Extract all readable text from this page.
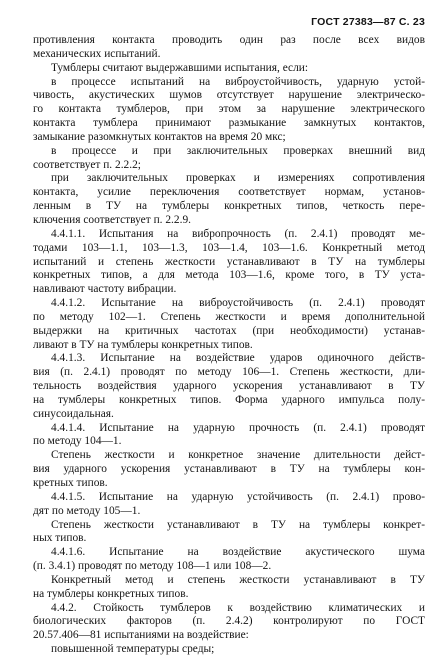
ГОСТ 27383—87 С. 23
противления контакта проводить один раз после всех видов
механических испытаний.
Тумблеры считают выдержавшими испытания, если:
в процессе испытаний на виброустойчивость, ударную устой-
чивость, акустических шумов отсутствует нарушение электрическо-
го контакта тумблеров, при этом за нарушение электрического
контакта тумблера принимают размыкание замкнутых контактов,
замыкание разомкнутых контактов на время 20 мкс;
в процессе и при заключительных проверках внешний вид
соответствует п. 2.2.2;
при заключительных проверках и измерениях сопротивления
контакта, усилие переключения соответствует нормам, установ-
ленным в ТУ на тумблеры конкретных типов, четкость пере-
ключения соответствует п. 2.2.9.
4.4.1.1. Испытания на вибропрочность (п. 2.4.1) проводят ме-
тодами 103—1.1, 103—1.3, 103—1.4, 103—1.6. Конкретный метод
испытаний и степень жесткости устанавливают в ТУ на тумблеры
конкретных типов, а для метода 103—1.6, кроме того, в ТУ уста-
навливают частоту вибрации.
4.4.1.2. Испытание на виброустойчивость (п. 2.4.1) проводят
по методу 102—1. Степень жесткости и время дополнительной
выдержки на критичных частотах (при необходимости) устанав-
ливают в ТУ на тумблеры конкретных типов.
4.4.1.3. Испытание на воздействие ударов одиночного действ-
вия (п. 2.4.1) проводят по методу 106—1. Степень жесткости, дли-
тельность воздействия ударного ускорения устанавливают в ТУ
на тумблеры конкретных типов. Форма ударного импульса полу-
синусоидальная.
4.4.1.4. Испытание на ударную прочность (п. 2.4.1) проводят
по методу 104—1.
Степень жесткости и конкретное значение длительности дейст-
вия ударного ускорения устанавливают в ТУ на тумблеры кон-
кретных типов.
4.4.1.5. Испытание на ударную устойчивость (п. 2.4.1) прово-
дят по методу 105—1.
Степень жесткости устанавливают в ТУ на тумблеры конкрет-
ных типов.
4.4.1.6. Испытание на воздействие акустического шума
(п. 3.4.1) проводят по методу 108—1 или 108—2.
Конкретный метод и степень жесткости устанавливают в ТУ
на тумблеры конкретных типов.
4.4.2. Стойкость тумблеров к воздействию климатических и
биологических факторов (п. 2.4.2) контролируют по ГОСТ
20.57.406—81 испытаниями на воздействие:
повышенной температуры среды;
